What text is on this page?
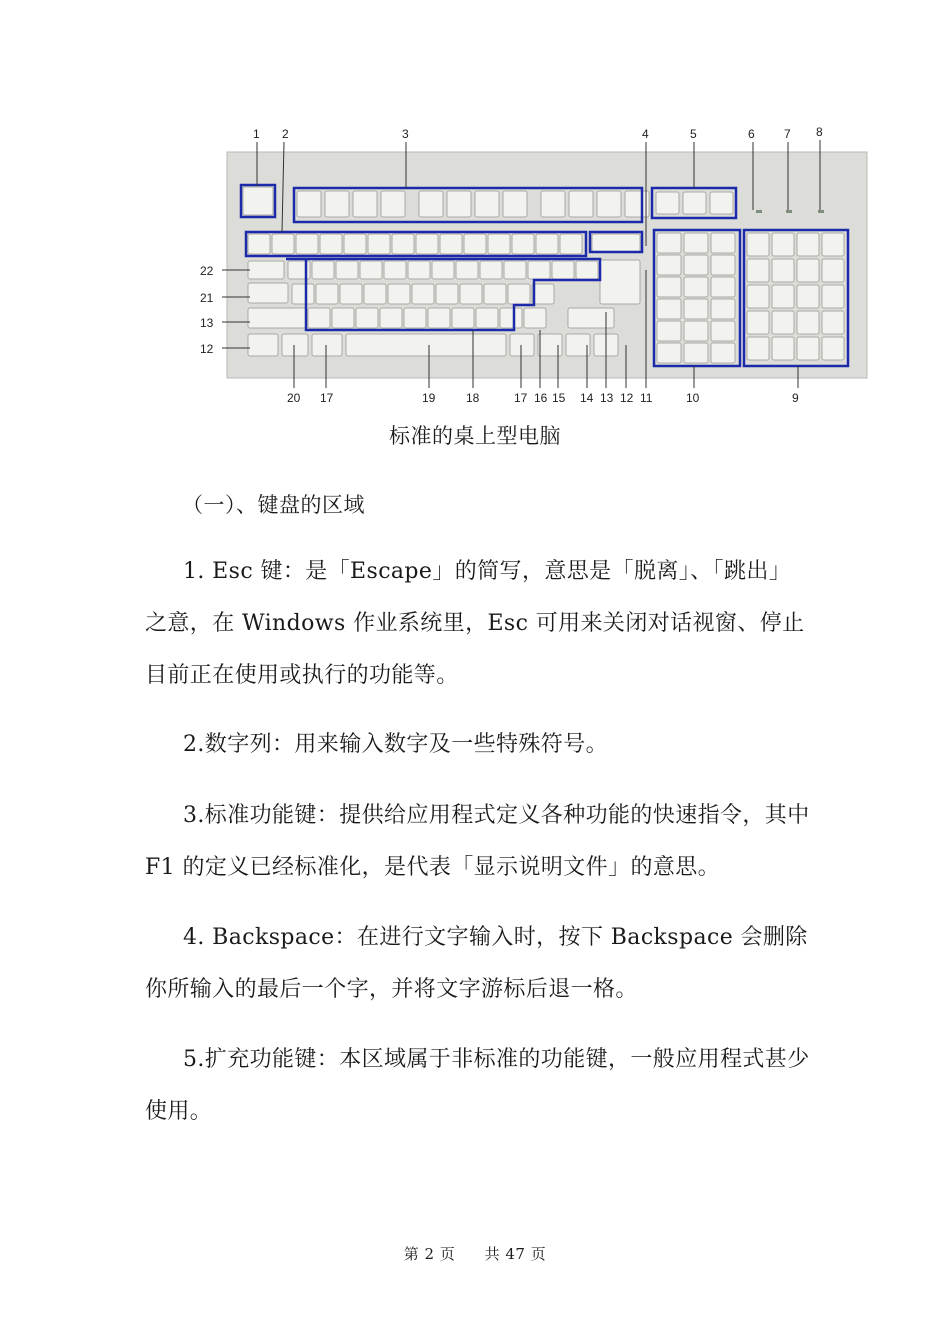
1 2	3	4	5	6 7 8
22
21
13
12
20 17	19	18	17 16 15 14 13 12 11	10	9
标准的桌上型电脑
（一）、键盘的区域
1. Esc 键：是「Escape」的简写，意思是「脱离」、「跳出」之意，在 Windows 作业系统里，Esc 可用来关闭对话视窗、停止目前正在使用或执行的功能等。
2.数字列：用来输入数字及一些特殊符号。
3.标准功能键：提供给应用程式定义各种功能的快速指令，其中 F1 的定义已经标准化，是代表「显示说明文件」的意思。
4. Backspace：在进行文字输入时，按下 Backspace 会删除你所输入的最后一个字，并将文字游标后退一格。
5.扩充功能键：本区域属于非标准的功能键，一般应用程式甚少使用。
第 2 页 共 47 页
